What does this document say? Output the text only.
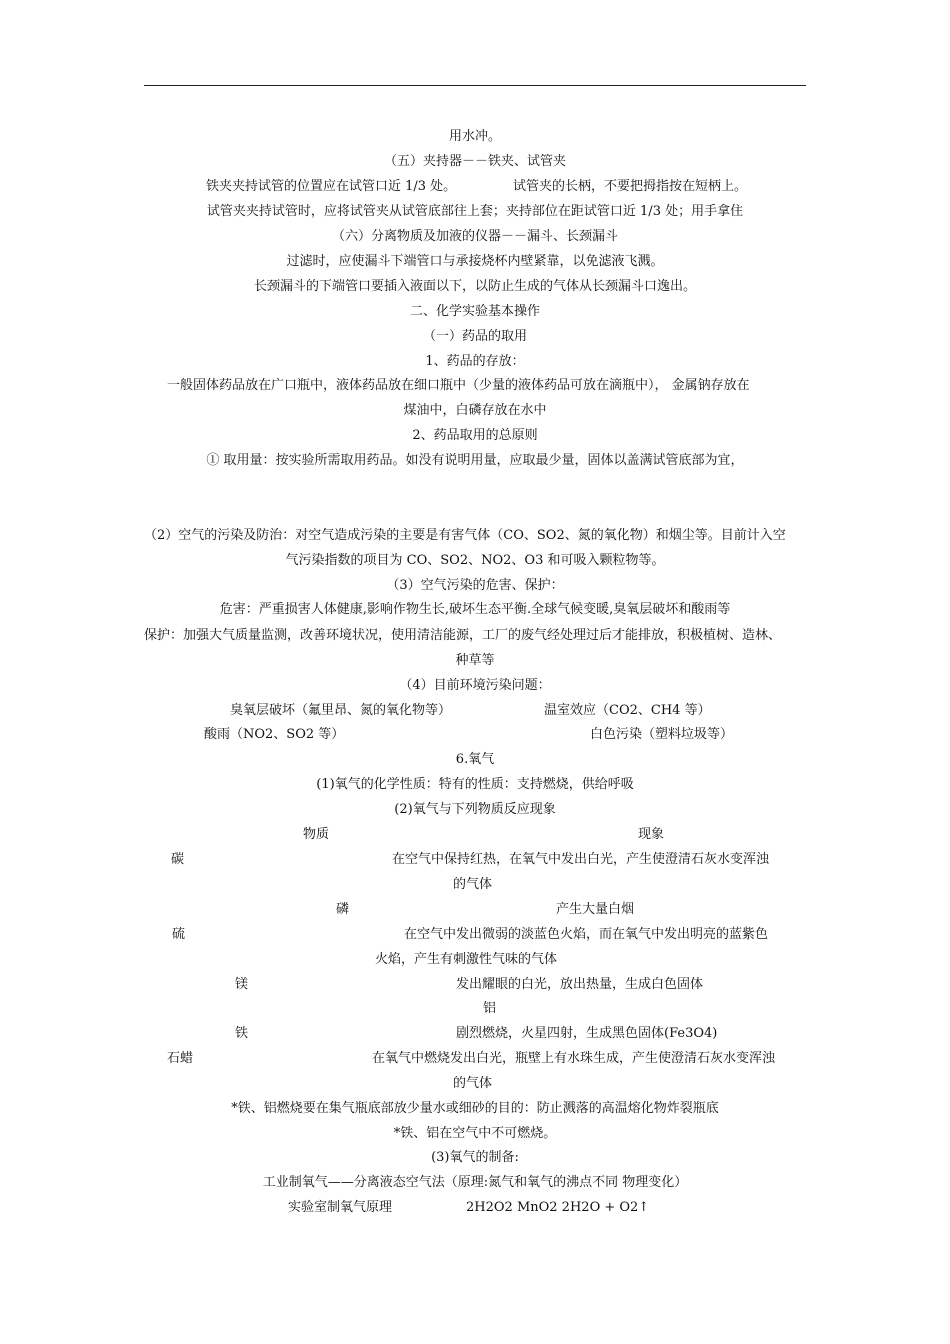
用水冲。
（五）夹持器－－铁夹、试管夹
铁夹夹持试管的位置应在试管口近 1/3 处。	试管夹的长柄，不要把拇指按在短柄上。
试管夹夹持试管时，应将试管夹从试管底部往上套；夹持部位在距试管口近 1/3 处；用手拿住
（六）分离物质及加液的仪器－－漏斗、长颈漏斗
过滤时，应使漏斗下端管口与承接烧杯内壁紧靠，以免滤液飞溅。
长颈漏斗的下端管口要插入液面以下，以防止生成的气体从长颈漏斗口逸出。
二、化学实验基本操作
（一）药品的取用
1、药品的存放：
一般固体药品放在广口瓶中，液体药品放在细口瓶中（少量的液体药品可放在滴瓶中）， 金属钠存放在
煤油中，白磷存放在水中
2、药品取用的总原则
① 取用量：按实验所需取用药品。如没有说明用量，应取最少量，固体以盖满试管底部为宜，
（2）空气的污染及防治：对空气造成污染的主要是有害气体（CO、SO2、氮的氧化物）和烟尘等。目前计入空
气污染指数的项目为 CO、SO2、NO2、O3 和可吸入颗粒物等。
（3）空气污染的危害、保护：
危害：严重损害人体健康,影响作物生长,破坏生态平衡.全球气候变暖,臭氧层破坏和酸雨等
保护：加强大气质量监测，改善环境状况，使用清洁能源，工厂的废气经处理过后才能排放，积极植树、造林、
种草等
（4）目前环境污染问题：
臭氧层破坏（氟里昂、氮的氧化物等）	温室效应（CO2、CH4 等）
酸雨（NO2、SO2 等）	白色污染（塑料垃圾等）
6.氧气
(1)氧气的化学性质：特有的性质：支持燃烧，供给呼吸
(2)氧气与下列物质反应现象
物质	现象
碳	在空气中保持红热，在氧气中发出白光，产生使澄清石灰水变浑浊
的气体
磷	产生大量白烟
硫	在空气中发出微弱的淡蓝色火焰，而在氧气中发出明亮的蓝紫色
火焰，产生有刺激性气味的气体
镁	发出耀眼的白光，放出热量，生成白色固体
铝
铁	剧烈燃烧，火星四射，生成黑色固体(Fe3O4)
石蜡	在氧气中燃烧发出白光，瓶壁上有水珠生成，产生使澄清石灰水变浑浊
的气体
*铁、铝燃烧要在集气瓶底部放少量水或细砂的目的：防止溅落的高温熔化物炸裂瓶底
*铁、铝在空气中不可燃烧。
(3)氧气的制备:
工业制氧气——分离液态空气法（原理:氮气和氧气的沸点不同 物理变化）
实验室制氧气原理	2H2O2 MnO2 2H2O + O2↑
